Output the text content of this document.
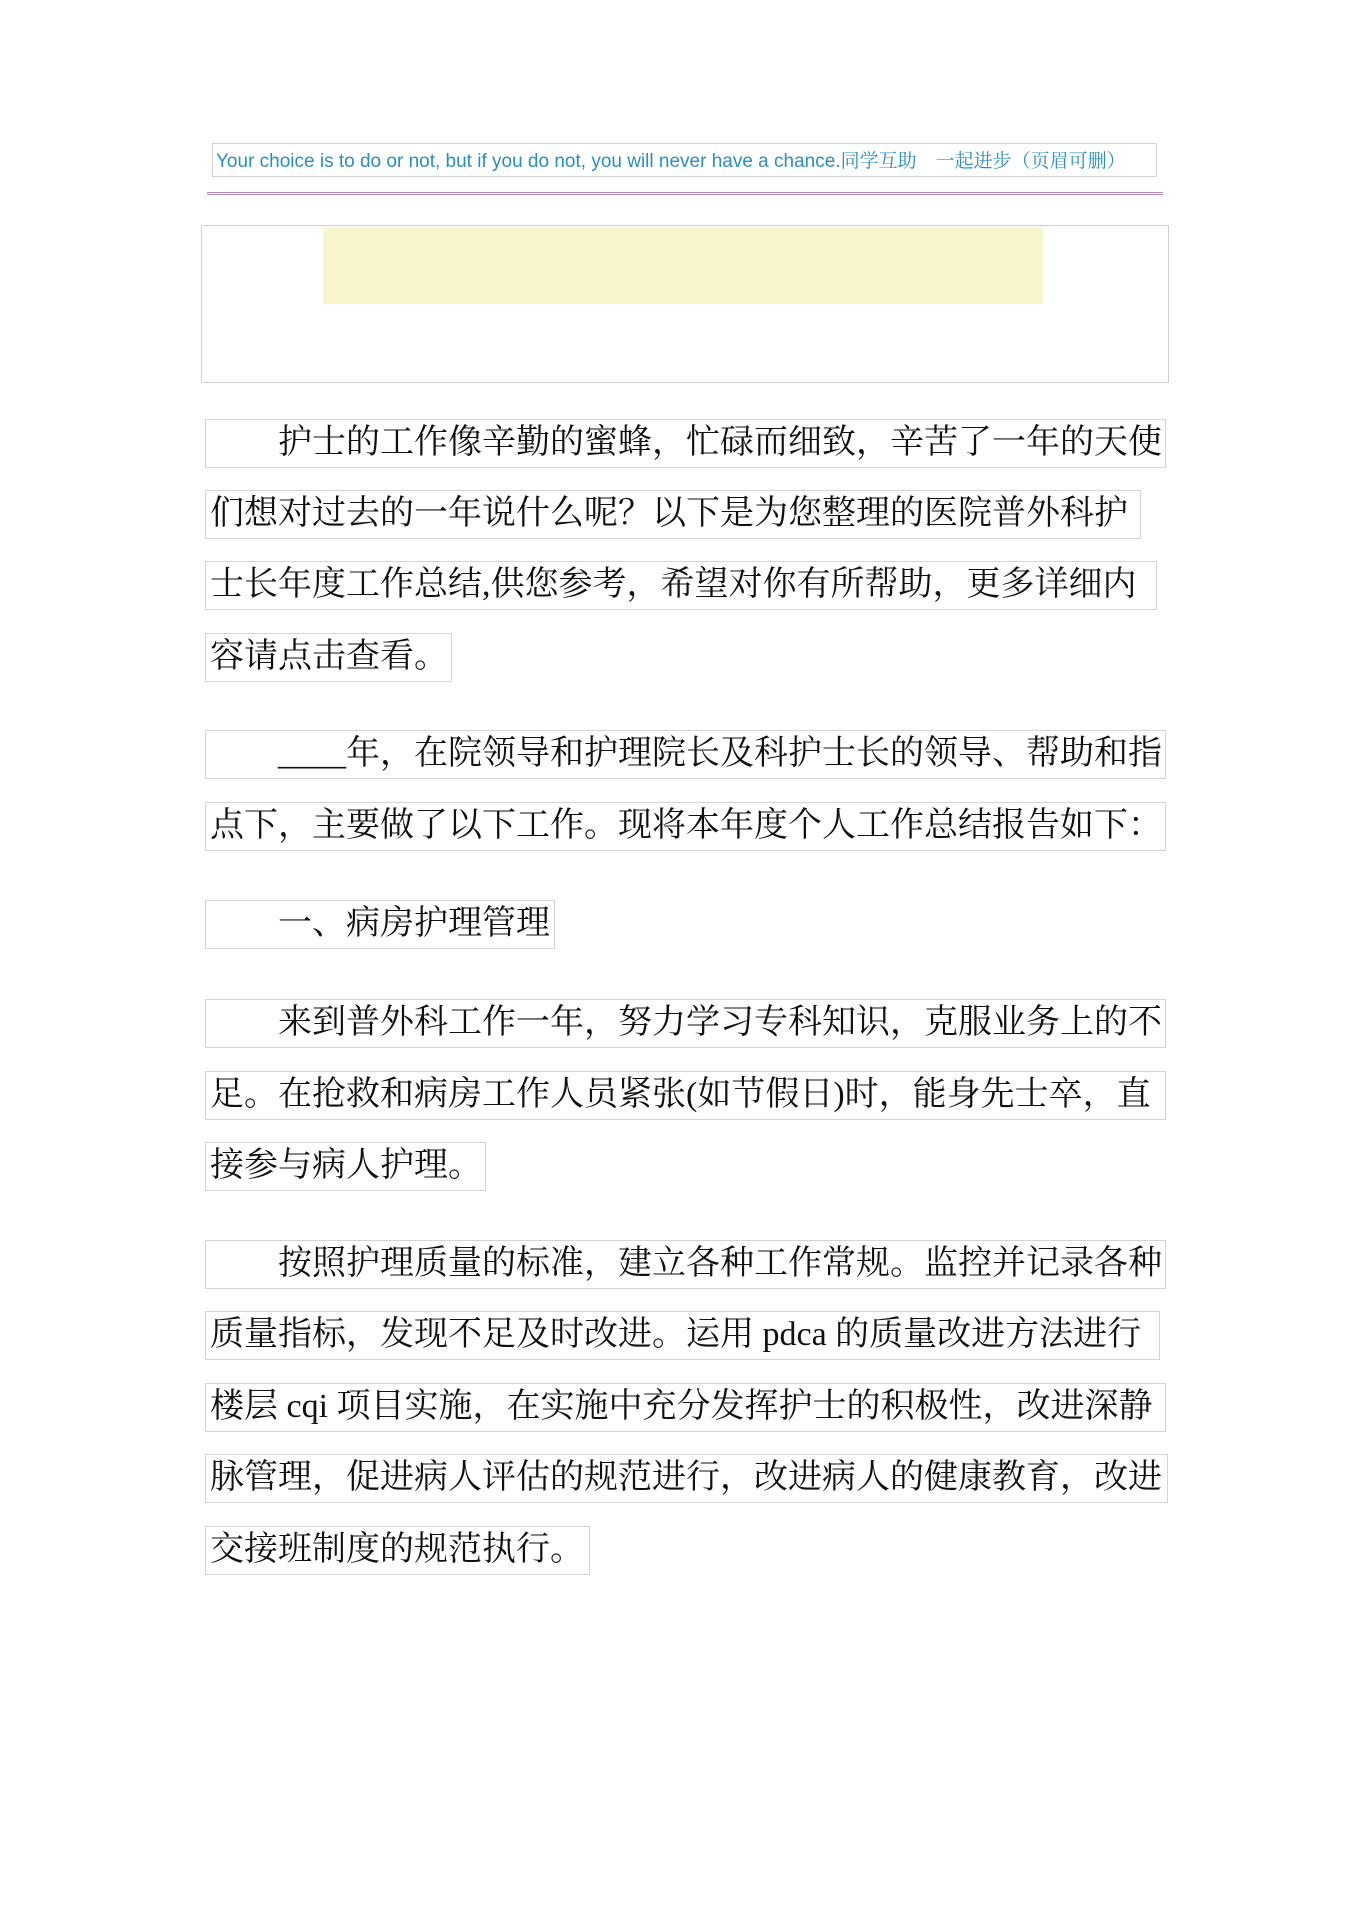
Your choice is to do or not, but if you do not, you will never have a chance.同学互助　一起进步（页眉可删）
护士的工作像辛勤的蜜蜂，忙碌而细致，辛苦了一年的天使
们想对过去的一年说什么呢？以下是为您整理的医院普外科护
士长年度工作总结,供您参考，希望对你有所帮助，更多详细内
容请点击查看。
____年，在院领导和护理院长及科护士长的领导、帮助和指
点下，主要做了以下工作。现将本年度个人工作总结报告如下：
一、病房护理管理
来到普外科工作一年，努力学习专科知识，克服业务上的不
足。在抢救和病房工作人员紧张(如节假日)时，能身先士卒，直
接参与病人护理。
按照护理质量的标准，建立各种工作常规。监控并记录各种
质量指标，发现不足及时改进。运用 pdca 的质量改进方法进行
楼层 cqi 项目实施，在实施中充分发挥护士的积极性，改进深静
脉管理，促进病人评估的规范进行，改进病人的健康教育，改进
交接班制度的规范执行。
